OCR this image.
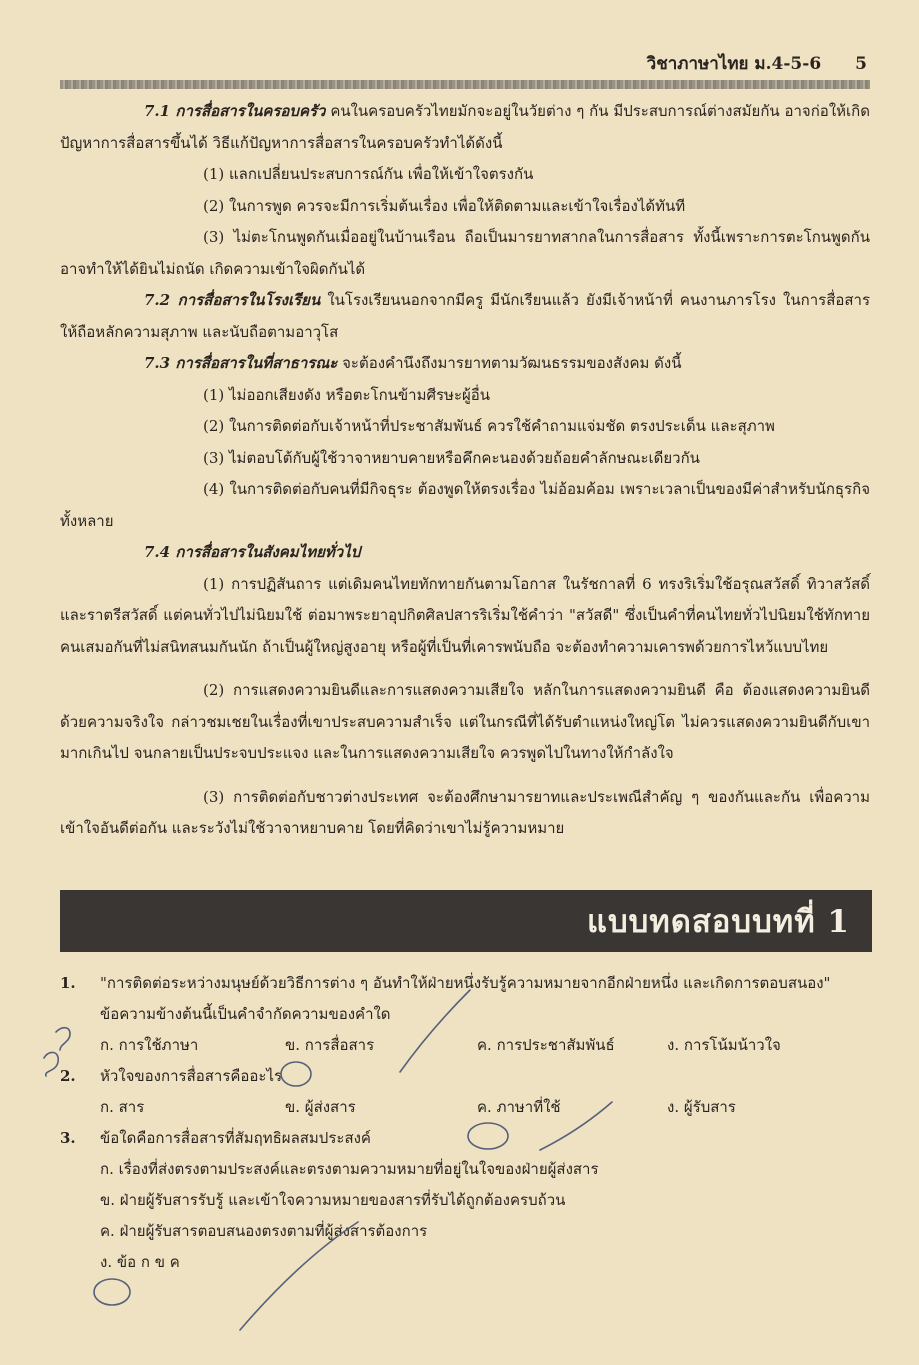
วิชาภาษาไทย ม.4-5-6 5

7.1 การสื่อสารในครอบครัว คนในครอบครัวไทยมักจะอยู่ในวัยต่าง ๆ กัน มีประสบการณ์ต่างสมัยกัน อาจก่อให้เกิดปัญหาการสื่อสารขึ้นได้ วิธีแก้ปัญหาการสื่อสารในครอบครัวทำได้ดังนี้

(1) แลกเปลี่ยนประสบการณ์กัน เพื่อให้เข้าใจตรงกัน

(2) ในการพูด ควรจะมีการเริ่มต้นเรื่อง เพื่อให้ติดตามและเข้าใจเรื่องได้ทันที

(3) ไม่ตะโกนพูดกันเมื่ออยู่ในบ้านเรือน ถือเป็นมารยาทสากลในการสื่อสาร ทั้งนี้เพราะการตะโกนพูดกันอาจทำให้ได้ยินไม่ถนัด เกิดความเข้าใจผิดกันได้

7.2 การสื่อสารในโรงเรียน ในโรงเรียนนอกจากมีครู มีนักเรียนแล้ว ยังมีเจ้าหน้าที่ คนงานภารโรง ในการสื่อสาร ให้ถือหลักความสุภาพ และนับถือตามอาวุโส

7.3 การสื่อสารในที่สาธารณะ จะต้องคำนึงถึงมารยาทตามวัฒนธรรมของสังคม ดังนี้

(1) ไม่ออกเสียงดัง หรือตะโกนข้ามศีรษะผู้อื่น

(2) ในการติดต่อกับเจ้าหน้าที่ประชาสัมพันธ์ ควรใช้คำถามแจ่มชัด ตรงประเด็น และสุภาพ

(3) ไม่ตอบโต้กับผู้ใช้วาจาหยาบคายหรือคึกคะนองด้วยถ้อยคำลักษณะเดียวกัน

(4) ในการติดต่อกับคนที่มีกิจธุระ ต้องพูดให้ตรงเรื่อง ไม่อ้อมค้อม เพราะเวลาเป็นของมีค่าสำหรับนักธุรกิจทั้งหลาย

7.4 การสื่อสารในสังคมไทยทั่วไป

(1) การปฏิสันถาร แต่เดิมคนไทยทักทายกันตามโอกาส ในรัชกาลที่ 6 ทรงริเริ่มใช้อรุณสวัสดิ์ ทิวาสวัสดิ์ และราตรีสวัสดิ์ แต่คนทั่วไปไม่นิยมใช้ ต่อมาพระยาอุปกิตศิลปสารริเริ่มใช้คำว่า "สวัสดี" ซึ่งเป็นคำที่คนไทยทั่วไปนิยมใช้ทักทายคนเสมอกันที่ไม่สนิทสนมกันนัก ถ้าเป็นผู้ใหญ่สูงอายุ หรือผู้ที่เป็นที่เคารพนับถือ จะต้องทำความเคารพด้วยการไหว้แบบไทย

(2) การแสดงความยินดีและการแสดงความเสียใจ หลักในการแสดงความยินดี คือ ต้องแสดงความยินดีด้วยความจริงใจ กล่าวชมเชยในเรื่องที่เขาประสบความสำเร็จ แต่ในกรณีที่ได้รับตำแหน่งใหญ่โต ไม่ควรแสดงความยินดีกับเขามากเกินไป จนกลายเป็นประจบประแจง และในการแสดงความเสียใจ ควรพูดไปในทางให้กำลังใจ

(3) การติดต่อกับชาวต่างประเทศ จะต้องศึกษามารยาทและประเพณีสำคัญ ๆ ของกันและกัน เพื่อความเข้าใจอันดีต่อกัน และระวังไม่ใช้วาจาหยาบคาย โดยที่คิดว่าเขาไม่รู้ความหมาย

แบบทดสอบบทที่ 1
1. "การติดต่อระหว่างมนุษย์ด้วยวิธีการต่าง ๆ อันทำให้ฝ่ายหนึ่งรับรู้ความหมายจากอีกฝ่ายหนึ่ง และเกิดการตอบสนอง"

ข้อความข้างต้นนี้เป็นคำจำกัดความของคำใด

ก. การใช้ภาษา	ข. การสื่อสาร	ค. การประชาสัมพันธ์	ง. การโน้มน้าวใจ
2. หัวใจของการสื่อสารคืออะไร

ก. สาร	ข. ผู้ส่งสาร	ค. ภาษาที่ใช้	ง. ผู้รับสาร
3. ข้อใดคือการสื่อสารที่สัมฤทธิผลสมประสงค์

ก. เรื่องที่ส่งตรงตามประสงค์และตรงตามความหมายที่อยู่ในใจของฝ่ายผู้ส่งสาร

ข. ฝ่ายผู้รับสารรับรู้ และเข้าใจความหมายของสารที่รับได้ถูกต้องครบถ้วน

ค. ฝ่ายผู้รับสารตอบสนองตรงตามที่ผู้ส่งสารต้องการ

ง. ข้อ ก ข ค
